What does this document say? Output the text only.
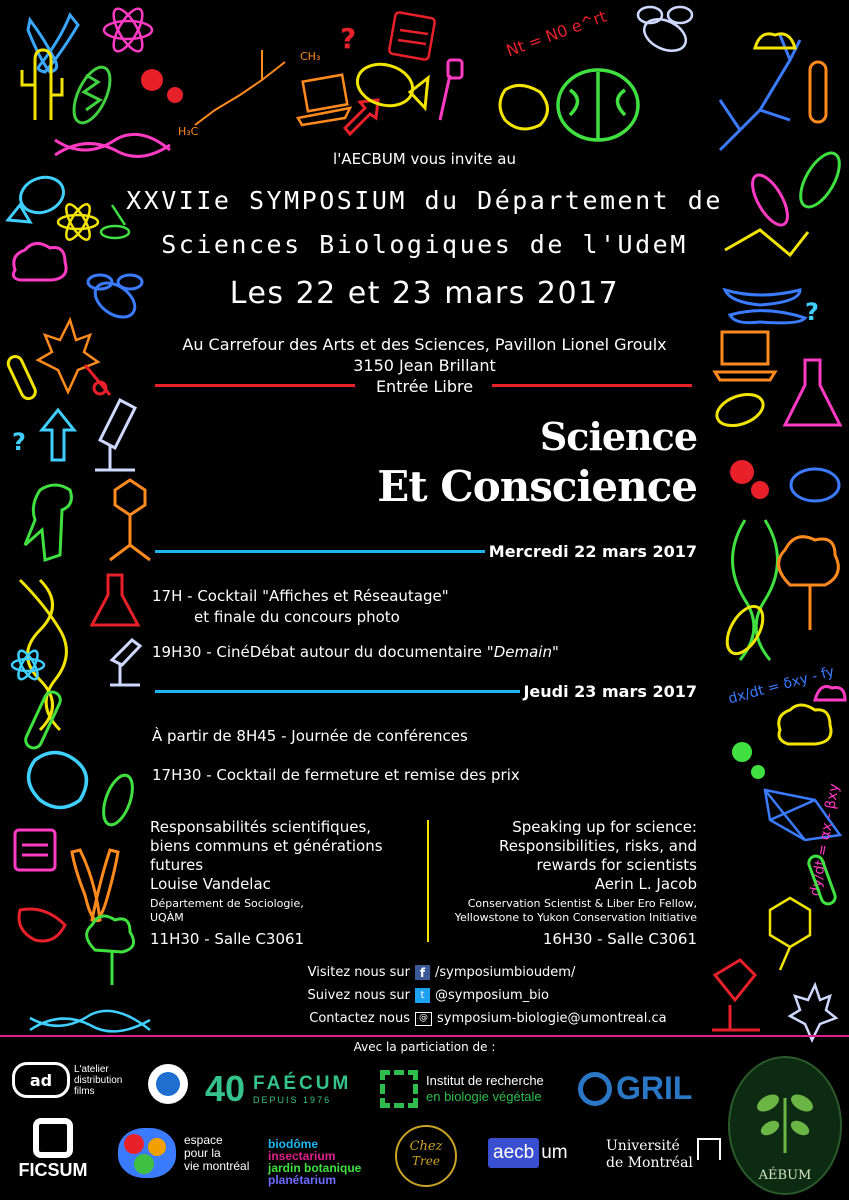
H₃C
CH₃
?	Nt = N0 e^rt
?
?
dx/dt = δxy - fy
dy/dt = αx - βxy
l'AECBUM vous invite au
XXVIIe SYMPOSIUM du Département de
Sciences Biologiques de l'UdeM
Les 22 et 23 mars 2017
Au Carrefour des Arts et des Sciences, Pavillon Lionel Groulx
3150 Jean Brillant
Entrée Libre
Science
Et Conscience
Mercredi 22 mars 2017
17H - Cocktail "Affiches et Réseautage"
et finale du concours photo
19H30 - CinéDébat autour du documentaire "Demain"
Jeudi 23 mars 2017
À partir de 8H45 - Journée de conférences
17H30 - Cocktail de fermeture et remise des prix
Responsabilités scientifiques,
biens communs et générations
futures
Louise Vandelac
Département de Sociologie,
UQÀM
11H30 - Salle C3061
Speaking up for science:
Responsibilities, risks, and
rewards for scientists
Aerin L. Jacob
Conservation Scientist & Liber Ero Fellow,
Yellowstone to Yukon Conservation Initiative
16H30 - Salle C3061
Visitez nous sur f /symposiumbioudem/
Suivez nous sur	t @symposium_bio
Contactez nous	@ symposium-biologie@umontreal.ca
Avec la particiation de :
ad
L'atelier
distribution
films	40 FAÉCUM
DEPUIS 1976
Institut de recherche
en biologie végétale GRIL
AÉBUM
FICSUM
espace
pour la
vie montréal
biodôme
insectarium
jardin botanique
planétarium
Chez
Tree	aecb um	Université
de Montréal
